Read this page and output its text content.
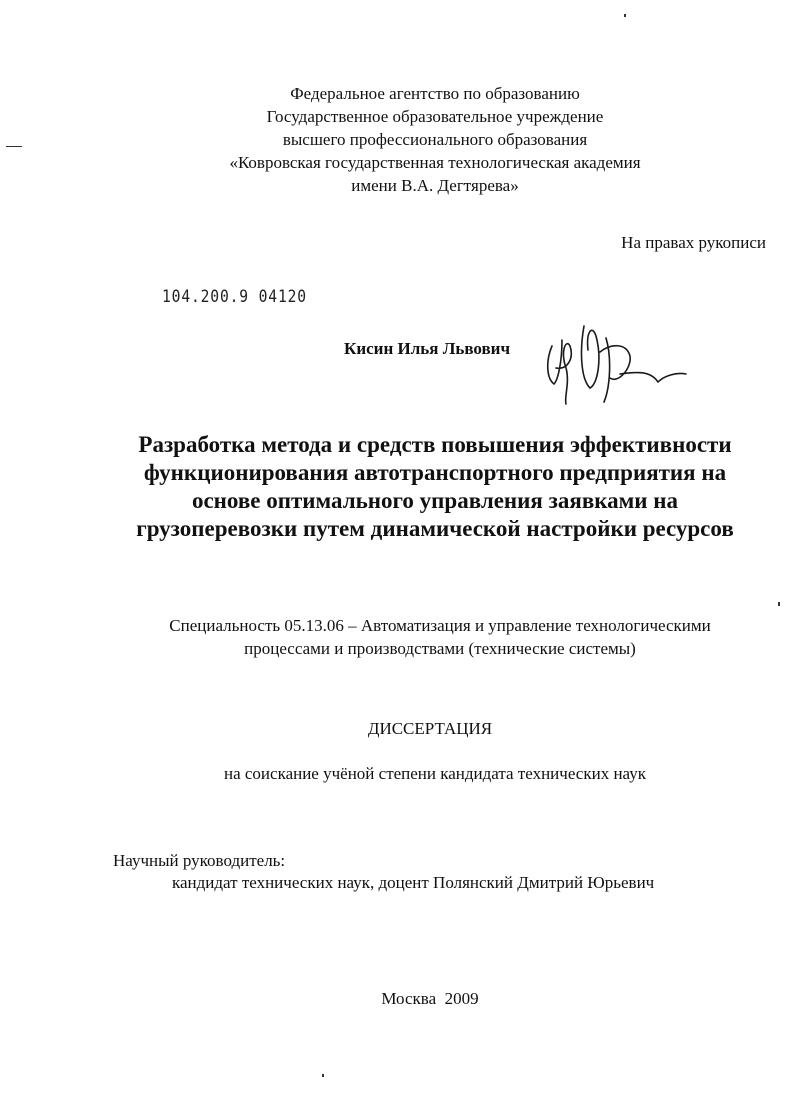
Федеральное агентство по образованию
Государственное образовательное учреждение
высшего профессионального образования
«Ковровская государственная технологическая академия
имени В.А. Дегтярева»
На правах рукописи
104.200.9 04120
Кисин Илья Львович
Разработка метода и средств повышения эффективности
функционирования автотранспортного предприятия на
основе оптимального управления заявками на
грузоперевозки путем динамической настройки ресурсов
Специальность 05.13.06 – Автоматизация и управление технологическими
процессами и производствами (технические системы)
ДИССЕРТАЦИЯ
на соискание учёной степени кандидата технических наук
Научный руководитель:
кандидат технических наук, доцент Полянский Дмитрий Юрьевич
Москва  2009
